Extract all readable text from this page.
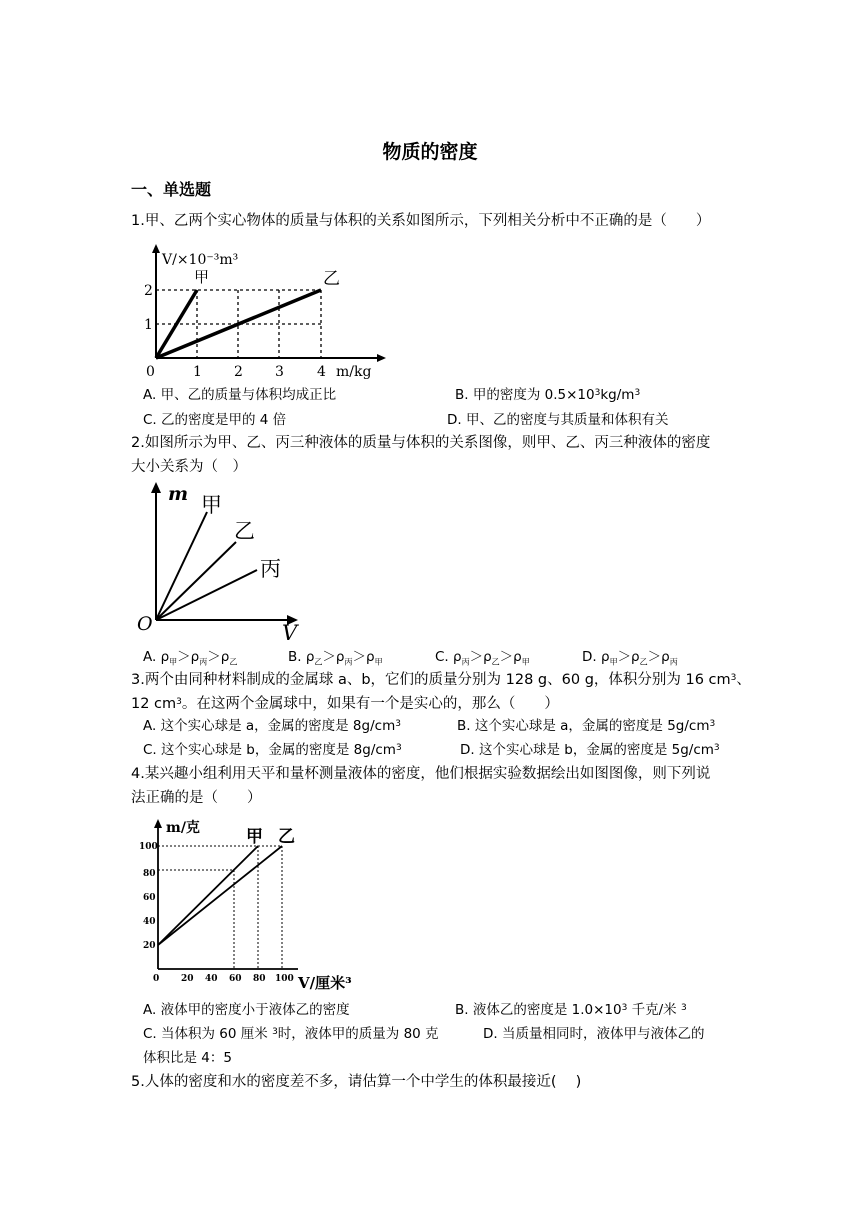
物质的密度
一、单选题
1.甲、乙两个实心物体的质量与体积的关系如图所示，下列相关分析中不正确的是（　　）
V/×10⁻³m³
m/kg
0	1 2 3 4
1
2
甲	乙
A. 甲、乙的质量与体积均成正比	B. 甲的密度为 $0.5\times 10^3kg/m^3$
C. 乙的密度是甲的 4 倍	D. 甲、乙的密度与其质量和体积有关
2.如图所示为甲、乙、丙三种液体的质量与体积的关系图像，则甲、乙、丙三种液体的密度
大小关系为（　）
m
V
O
甲
乙
丙
A. $\rho_甲>\rho_丙>\rho_乙$	B. $\rho_乙>\rho_丙>\rho_甲$	C. $\rho_丙>\rho_乙>\rho_甲$	D. $\rho_甲>\rho_乙>\rho_丙$
3.两个由同种材料制成的金属球 a、b，它们的质量分别为 128 g、60 g，体积分别为 16 $cm^3$、
12 $cm^3$。在这两个金属球中，如果有一个是实心的，那么（　　）
A. 这个实心球是 a，金属的密度是 $8g/cm^3$	B. 这个实心球是 a，金属的密度是 $5g/cm^3$
C. 这个实心球是 b，金属的密度是 $8g/cm^3$	D. 这个实心球是 b，金属的密度是 $5g/cm^3$
4.某兴趣小组利用天平和量杯测量液体的密度，他们根据实验数据绘出如图图像，则下列说
法正确的是（　　）
0 20 40 60 80 100
20
40
60
80
100
m/克
V/厘米³
甲 乙
A. 液体甲的密度小于液体乙的密度	B. 液体乙的密度是 $1.0\times 10^3$ 千克/米 $^3$
C. 当体积为 60 厘米 $^3$时，液体甲的质量为 80 克	D. 当质量相同时，液体甲与液体乙的
体积比是 4：5
5.人体的密度和水的密度差不多，请估算一个中学生的体积最接近(　 )
